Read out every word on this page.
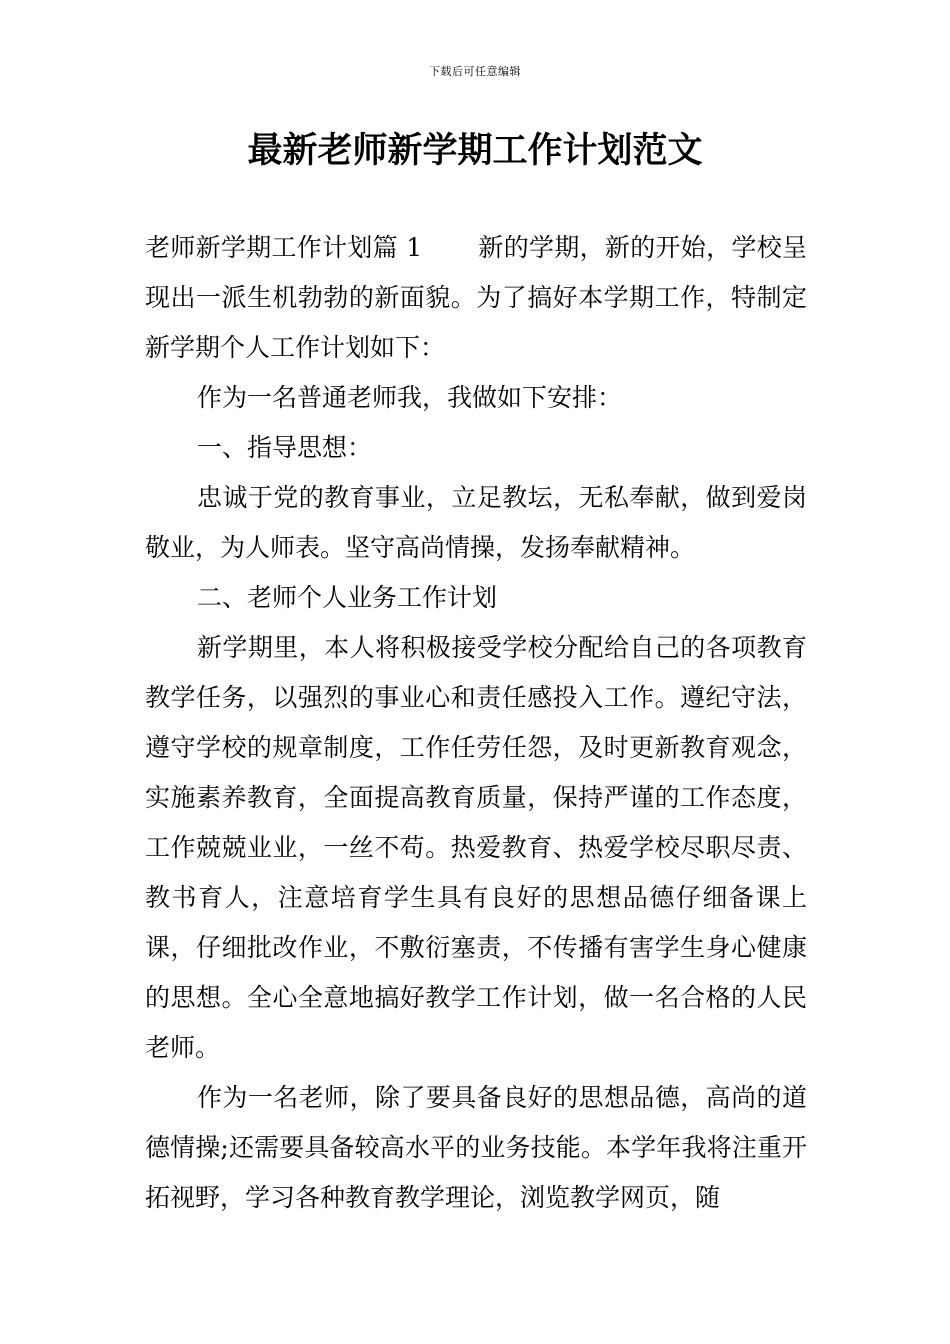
下载后可任意编辑
最新老师新学期工作计划范文

老师新学期工作计划篇 1 新的学期，新的开始，学校呈现出一派生机勃勃的新面貌。为了搞好本学期工作，特制定新学期个人工作计划如下：

作为一名普通老师我，我做如下安排：

一、指导思想：

忠诚于党的教育事业，立足教坛，无私奉献，做到爱岗敬业，为人师表。坚守高尚情操，发扬奉献精神。

二、老师个人业务工作计划

新学期里，本人将积极接受学校分配给自己的各项教育教学任务，以强烈的事业心和责任感投入工作。遵纪守法，遵守学校的规章制度，工作任劳任怨，及时更新教育观念，实施素养教育，全面提高教育质量，保持严谨的工作态度，工作兢兢业业，一丝不苟。热爱教育、热爱学校尽职尽责、教书育人，注意培育学生具有良好的思想品德仔细备课上课，仔细批改作业，不敷衍塞责，不传播有害学生身心健康的思想。全心全意地搞好教学工作计划，做一名合格的人民老师。

作为一名老师，除了要具备良好的思想品德，高尚的道德情操;还需要具备较高水平的业务技能。本学年我将注重开拓视野，学习各种教育教学理论，浏览教学网页，随
